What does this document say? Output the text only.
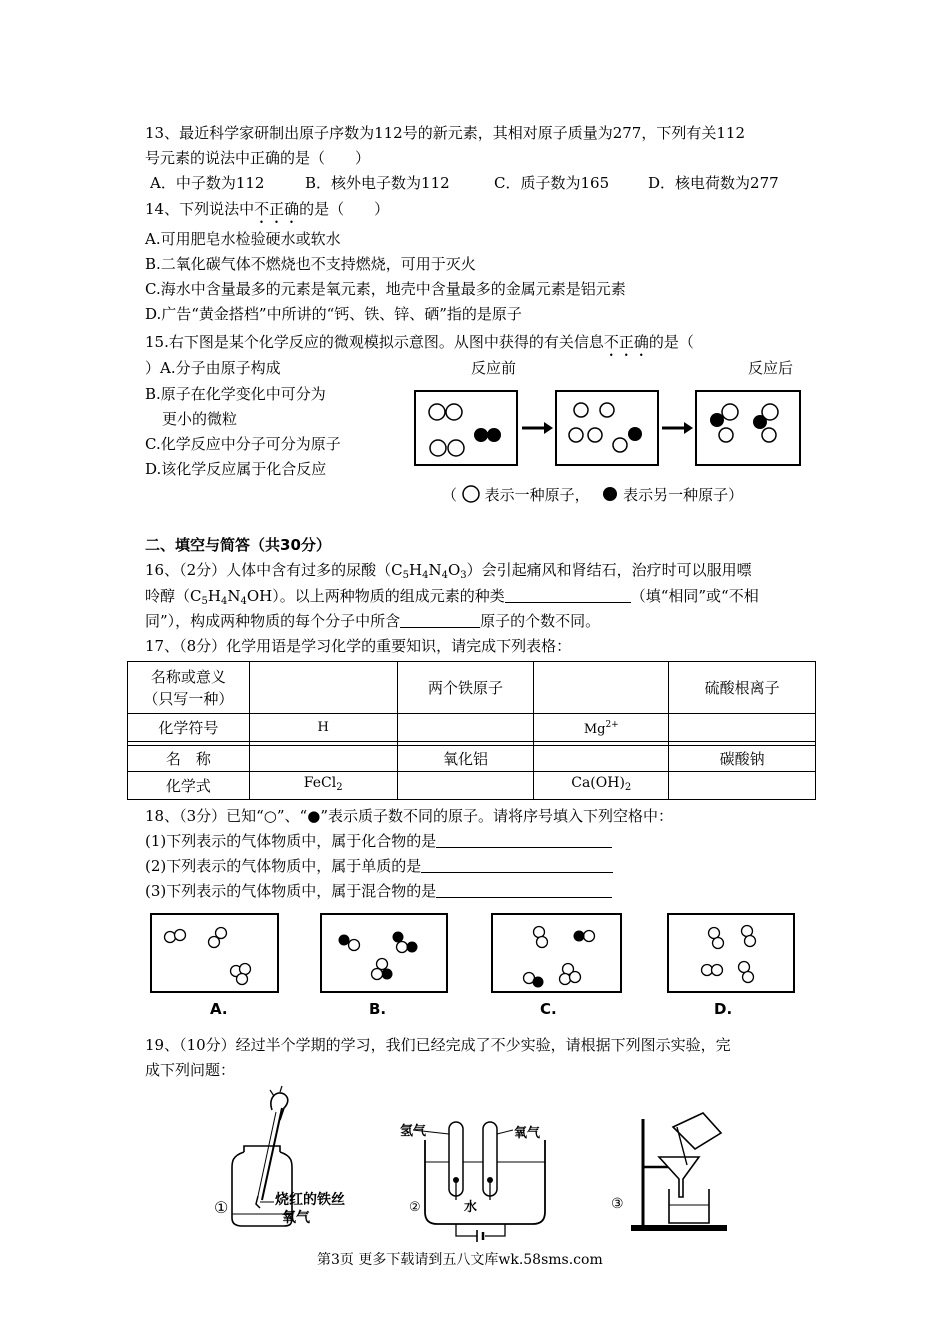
13、最近科学家研制出原子序数为112号的新元素，其相对原子质量为277，下列有关112
号元素的说法中正确的是（　　）
A．中子数为112	B．核外电子数为112	C．质子数为165	D．核电荷数为277
14、下列说法中不正确的是（　　）
A.可用肥皂水检验硬水或软水
B.二氧化碳气体不燃烧也不支持燃烧，可用于灭火
C.海水中含量最多的元素是氧元素，地壳中含量最多的金属元素是铝元素
D.广告“黄金搭档”中所讲的“钙、铁、锌、硒”指的是原子
15.右下图是某个化学反应的微观模拟示意图。从图中获得的有关信息不正确的是（
）A.分子由原子构成	反应前	反应后
B.原子在化学变化中可分为
更小的微粒
C.化学反应中分子可分为原子
D.该化学反应属于化合反应
（ 表示一种原子， 表示另一种原子）
二、填空与简答（共30分）
16、（2分）人体中含有过多的尿酸$(C_5H_4N_4O_3)$会引起痛风和肾结石，治疗时可以服用嘌
呤醇$(C_5H_4N_4OH)$。以上两种物质的组成元素的种类	（填“相同”或“不相
同”），构成两种物质的每个分子中所含	原子的个数不同。
17、（8分）化学用语是学习化学的重要知识，请完成下列表格：
名称或意义
（只写一种）		两个铁原子		硫酸根离子
化学符号	H		$Mg^{2+}$	

名　称		氧化铝		碳酸钠
化学式	FeCl$_2$		$Ca(OH)_2$	
18、（3分）已知“○”、“●”表示质子数不同的原子。请将序号填入下列空格中：
(1)下列表示的气体物质中，属于化合物的是
(2)下列表示的气体物质中，属于单质的是
(3)下列表示的气体物质中，属于混合物的是
A.	B.	C.	D.
19、（10分）经过半个学期的学习，我们已经完成了不少实验，请根据下列图示实验，完
成下列问题：
①	烧红的铁丝
氧气
氢气	氧气
水
②	③
第3页 更多下载请到五八文库wk.58sms.com
